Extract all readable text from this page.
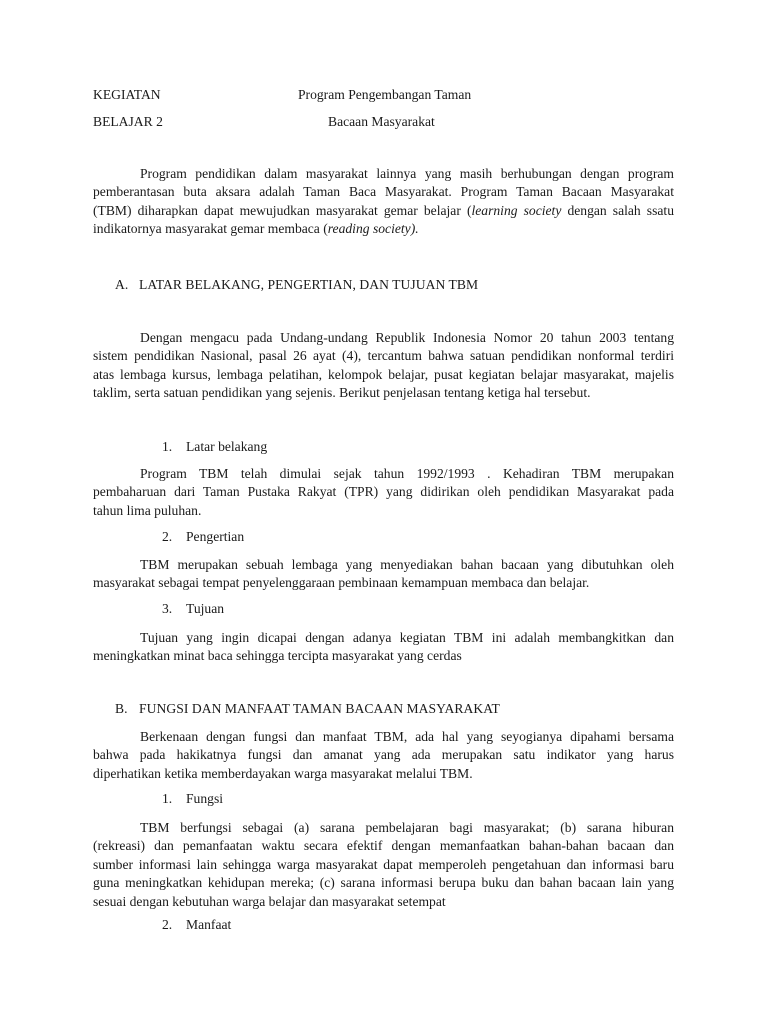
KEGIATAN	Program Pengembangan Taman
BELAJAR 2	Bacaan Masyarakat
Program pendidikan dalam masyarakat lainnya yang masih berhubungan dengan program
pemberantasan buta aksara adalah Taman Baca Masyarakat. Program Taman Bacaan Masyarakat
(TBM) diharapkan dapat mewujudkan masyarakat gemar belajar (learning society dengan salah ssatu
indikatornya masyarakat gemar membaca (reading society).
A. LATAR BELAKANG, PENGERTIAN, DAN TUJUAN TBM
Dengan mengacu pada Undang-undang Republik Indonesia Nomor 20 tahun 2003 tentang
sistem pendidikan Nasional, pasal 26 ayat (4), tercantum bahwa satuan pendidikan nonformal terdiri
atas lembaga kursus, lembaga pelatihan, kelompok belajar, pusat kegiatan belajar masyarakat, majelis
taklim, serta satuan pendidikan yang sejenis. Berikut penjelasan tentang ketiga hal tersebut.
1. Latar belakang
Program TBM telah dimulai sejak tahun 1992/1993 . Kehadiran TBM merupakan
pembaharuan dari Taman Pustaka Rakyat (TPR) yang didirikan oleh pendidikan Masyarakat pada
tahun lima puluhan.
2. Pengertian
TBM merupakan sebuah lembaga yang menyediakan bahan bacaan yang dibutuhkan oleh
masyarakat sebagai tempat penyelenggaraan pembinaan kemampuan membaca dan belajar.
3. Tujuan
Tujuan yang ingin dicapai dengan adanya kegiatan TBM ini adalah membangkitkan dan
meningkatkan minat baca sehingga tercipta masyarakat yang cerdas
B. FUNGSI DAN MANFAAT TAMAN BACAAN MASYARAKAT
Berkenaan dengan fungsi dan manfaat TBM, ada hal yang seyogianya dipahami bersama
bahwa pada hakikatnya fungsi dan amanat yang ada merupakan satu indikator yang harus
diperhatikan ketika memberdayakan warga masyarakat melalui TBM.
1. Fungsi
TBM berfungsi sebagai (a) sarana pembelajaran bagi masyarakat; (b) sarana hiburan
(rekreasi) dan pemanfaatan waktu secara efektif dengan memanfaatkan bahan-bahan bacaan dan
sumber informasi lain sehingga warga masyarakat dapat memperoleh pengetahuan dan informasi baru
guna meningkatkan kehidupan mereka; (c) sarana informasi berupa buku dan bahan bacaan lain yang
sesuai dengan kebutuhan warga belajar dan masyarakat setempat
2. Manfaat
